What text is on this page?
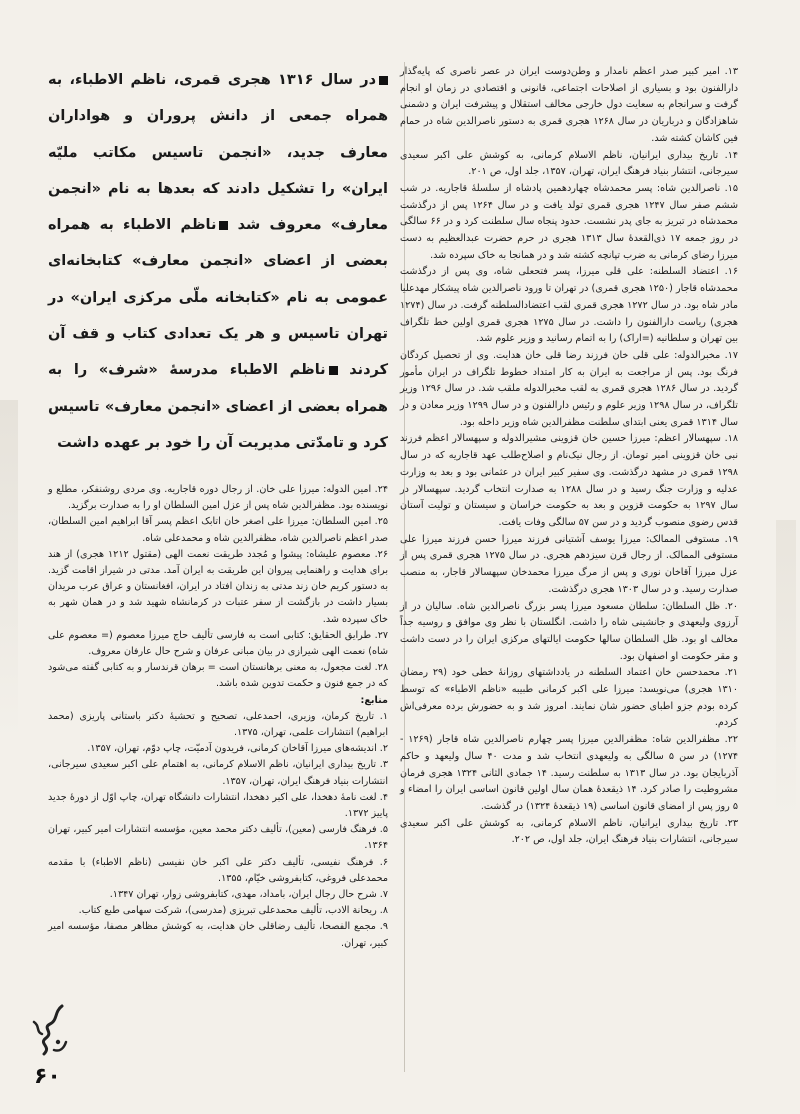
۱۳. امیر کبیر صدر اعظم نامدار و وطن‌دوست ایران در عصر ناصری که پایه‌گذار دارالفنون بود و بسیاری از اصلاحات اجتماعی، قانونی و اقتصادی در زمان او انجام گرفت و سرانجام به سعایت دول خارجی مخالف استقلال و پیشرفت ایران و دشمنی شاهزادگان و درباریان در سال ۱۲۶۸ هجری قمری به دستور ناصرالدین شاه در حمام فین کاشان کشته شد.

۱۴. تاریخ بیداری ایرانیان، ناظم الاسلام کرمانی، به کوشش علی اکبر سعیدی سیرجانی، انتشار بنیاد فرهنگ ایران، تهران، ۱۳۵۷، جلد اول، ص ۲۰۱.

۱۵. ناصرالدین شاه: پسر محمدشاه چهاردهمین پادشاه از سلسلهٔ قاجاریه. در شب ششم صفر سال ۱۲۴۷ هجری قمری تولد یافت و در سال ۱۲۶۴ پس از درگذشت محمدشاه در تبریز به جای پدر نشست. حدود پنجاه سال سلطنت کرد و در ۶۶ سالگی در روز جمعه ۱۷ ذی‌القعدهٔ سال ۱۳۱۳ هجری در حرم حضرت عبدالعظیم به دست میرزا رضای کرمانی به ضرب تپانچه کشته شد و در همانجا به خاک سپرده شد.

۱۶. اعتضاد السلطنه: علی قلی میرزا، پسر فتحعلی شاه، وی پس از درگذشت محمدشاه قاجار (۱۲۵۰ هجری قمری) در تهران تا ورود ناصرالدین شاه پیشکار مهدعلیا مادر شاه بود. در سال ۱۲۷۲ هجری قمری لقب اعتضادالسلطنه گرفت. در سال (۱۲۷۴ هجری) ریاست دارالفنون را داشت. در سال ۱۲۷۵ هجری قمری اولین خط تلگراف بین تهران و سلطانیه (=اراک) را به اتمام رسانید و وزیر علوم شد.

۱۷. مخبرالدوله: علی قلی خان فرزند رضا قلی خان هدایت. وی از تحصیل کردگان فرنگ بود. پس از مراجعت به ایران به کار امتداد خطوط تلگراف در ایران مأمور گردید. در سال ۱۲۸۶ هجری قمری به لقب مخبرالدوله ملقب شد. در سال ۱۲۹۶ وزیر تلگراف، در سال ۱۲۹۸ وزیر علوم و رئیس دارالفنون و در سال ۱۲۹۹ وزیر معادن و در سال ۱۳۱۴ قمری یعنی ابتدای سلطنت مظفرالدین شاه وزیر داخله بود.

۱۸. سپهسالار اعظم: میرزا حسین خان قزوینی مشیرالدوله و سپهسالار اعظم فرزند نبی خان قزوینی امیر تومان. از رجال نیک‌نام و اصلاح‌طلب عهد قاجاریه که در سال ۱۲۹۸ قمری در مشهد درگذشت. وی سفیر کبیر ایران در عثمانی بود و بعد به وزارت عدلیه و وزارت جنگ رسید و در سال ۱۲۸۸ به صدارت انتخاب گردید. سپهسالار در سال ۱۲۹۷ به حکومت قزوین و بعد به حکومت خراسان و سیستان و تولیت آستان قدس رضوی منصوب گردید و در سن ۵۷ سالگی وفات یافت.

۱۹. مستوفی الممالک: میرزا یوسف آشتیانی فرزند میرزا حسن فرزند میرزا علی مستوفی الممالک. از رجال قرن سیزدهم هجری. در سال ۱۲۷۵ هجری قمری پس از عزل میرزا آقاخان نوری و پس از مرگ میرزا محمدخان سپهسالار قاجار، به منصب صدارت رسید. و در سال ۱۳۰۳ هجری درگذشت.

۲۰. ظل السلطان: سلطان مسعود میرزا پسر بزرگ ناصرالدین شاه. سالیان در از آرزوی ولیعهدی و جانشینی شاه را داشت. انگلستان با نظر وی موافق و روسیه جداً مخالف او بود. ظل السلطان سالها حکومت ایالتهای مرکزی ایران را در دست داشت و مقر حکومت او اصفهان بود.

۲۱. محمدحسن خان اعتماد السلطنه در یادداشتهای روزانهٔ خطی خود (۲۹ رمضان ۱۳۱۰ هجری) می‌نویسد: میرزا علی اکبر کرمانی طبیبه «ناظم الاطباء» که توسط کرده بودم جزو اطبای حضور شان نمایند. امروز شد و به حضورش برده معرفی‌اش کردم.

۲۲. مظفرالدین شاه: مظفرالدین میرزا پسر چهارم ناصرالدین شاه قاجار (۱۲۶۹ - ۱۲۷۴) در سن ۵ سالگی به ولیعهدی انتخاب شد و مدت ۴۰ سال ولیعهد و حاکم آذربایجان بود. در سال ۱۳۱۳ به سلطنت رسید. ۱۴ جمادی الثانی ۱۳۲۴ هجری فرمان مشروطیت را صادر کرد. ۱۴ ذیقعدهٔ همان سال اولین قانون اساسی ایران را امضاء و ۵ روز پس از امضای قانون اساسی (۱۹ ذیقعدهٔ ۱۳۲۴) در گذشت.

۲۳. تاریخ بیداری ایرانیان، ناظم الاسلام کرمانی، به کوشش علی اکبر سعیدی سیرجانی، انتشارات بنیاد فرهنگ ایران، جلد اول، ص ۲۰۲.

در سال ۱۳۱۶ هجری قمری، ناظم الاطباء، به همراه جمعی از دانش پروران و هواداران معارف جدید، «انجمن تاسیس مکاتب ملیّه ایران» را تشکیل دادند که بعدها به نام «انجمن معارف» معروف شد ناظم الاطباء به همراه بعضی از اعضای «انجمن معارف» کتابخانه‌ای عمومی به نام «کتابخانه ملّی مرکزی ایران» در تهران تاسیس و هر یک تعدادی کتاب و قف آن کردند ناظم الاطباء مدرسهٔ «شرف» را به همراه بعضی از اعضای «انجمن معارف» تاسیس کرد و تامدّتی مدیریت آن را خود بر عهده داشت

۲۴. امین الدوله: میرزا علی خان. از رجال دوره قاجاریه. وی مردی روشنفکر، مطلع و نویسنده بود. مظفرالدین شاه پس از عزل امین السلطان او را به صدارت برگزید.

۲۵. امین السلطان: میرزا علی اصغر خان اتابک اعظم پسر آقا ابراهیم امین السلطان، صدر اعظم ناصرالدین شاه، مظفرالدین شاه و محمدعلی شاه.

۲۶. معصوم علیشاه: پیشوا و مُجدد طریقت نعمت الهی (مقتول ۱۲۱۲ هجری) از هند برای هدایت و راهنمایی پیروان این طریقت به ایران آمد. مدتی در شیراز اقامت گزید. به دستور کریم خان زند مدتی به زندان افتاد در ایران، افغانستان و عراق عرب مریدان بسیار داشت در بازگشت از سفر عتبات در کرمانشاه شهید شد و در همان شهر به خاک سپرده شد.

۲۷. طرایق الحقایق: کتابی است به فارسی تألیف حاج میرزا معصوم (= معصوم علی شاه) نعمت الهی شیرازی در بیان مبانی عرفان و شرح حال عارفان معروف.

۲۸. لغت مجعول، به معنی برهانستان است = برهان قرندسار و به کتابی گفته می‌شود که در جمع فنون و حکمت تدوین شده باشد.

منابع:

۱. تاریخ کرمان، وزیری، احمدعلی، تصحیح و تحشیهٔ دکتر باستانی پاریزی (محمد ابراهیم) انتشارات علمی، تهران، ۱۳۷۵.

۲. اندیشه‌های میرزا آقاخان کرمانی، فریدون آدمیّت، چاپ دوّم، تهران، ۱۳۵۷.

۳. تاریخ بیداری ایرانیان، ناظم الاسلام کرمانی، به اهتمام علی اکبر سعیدی سیرجانی، انتشارات بنیاد فرهنگ ایران، تهران، ۱۳۵۷.

۴. لغت نامهٔ دهخدا، علی اکبر دهخدا، انتشارات دانشگاه تهران، چاپ اوّل از دورهٔ جدید پاییز ۱۳۷۲.

۵. فرهنگ فارسی (معین)، تألیف دکتر محمد معین، مؤسسه انتشارات امیر کبیر، تهران ۱۳۶۴.

۶. فرهنگ نفیسی، تألیف دکتر علی اکبر خان نفیسی (ناظم الاطباء) با مقدمه محمدعلی فروغی، کتابفروشی خیّام، ۱۳۵۵.

۷. شرح حال رجال ایران، بامداد، مهدی، کتابفروشی زوار، تهران ۱۳۴۷.

۸. ریحانة الادب، تألیف محمدعلی تبریزی (مدرسی)، شرکت سهامی طبع کتاب.

۹. مجمع الفصحا، تألیف رضاقلی خان هدایت، به کوشش مظاهر مصفا، مؤسسه امیر کبیر، تهران.

۶۰
